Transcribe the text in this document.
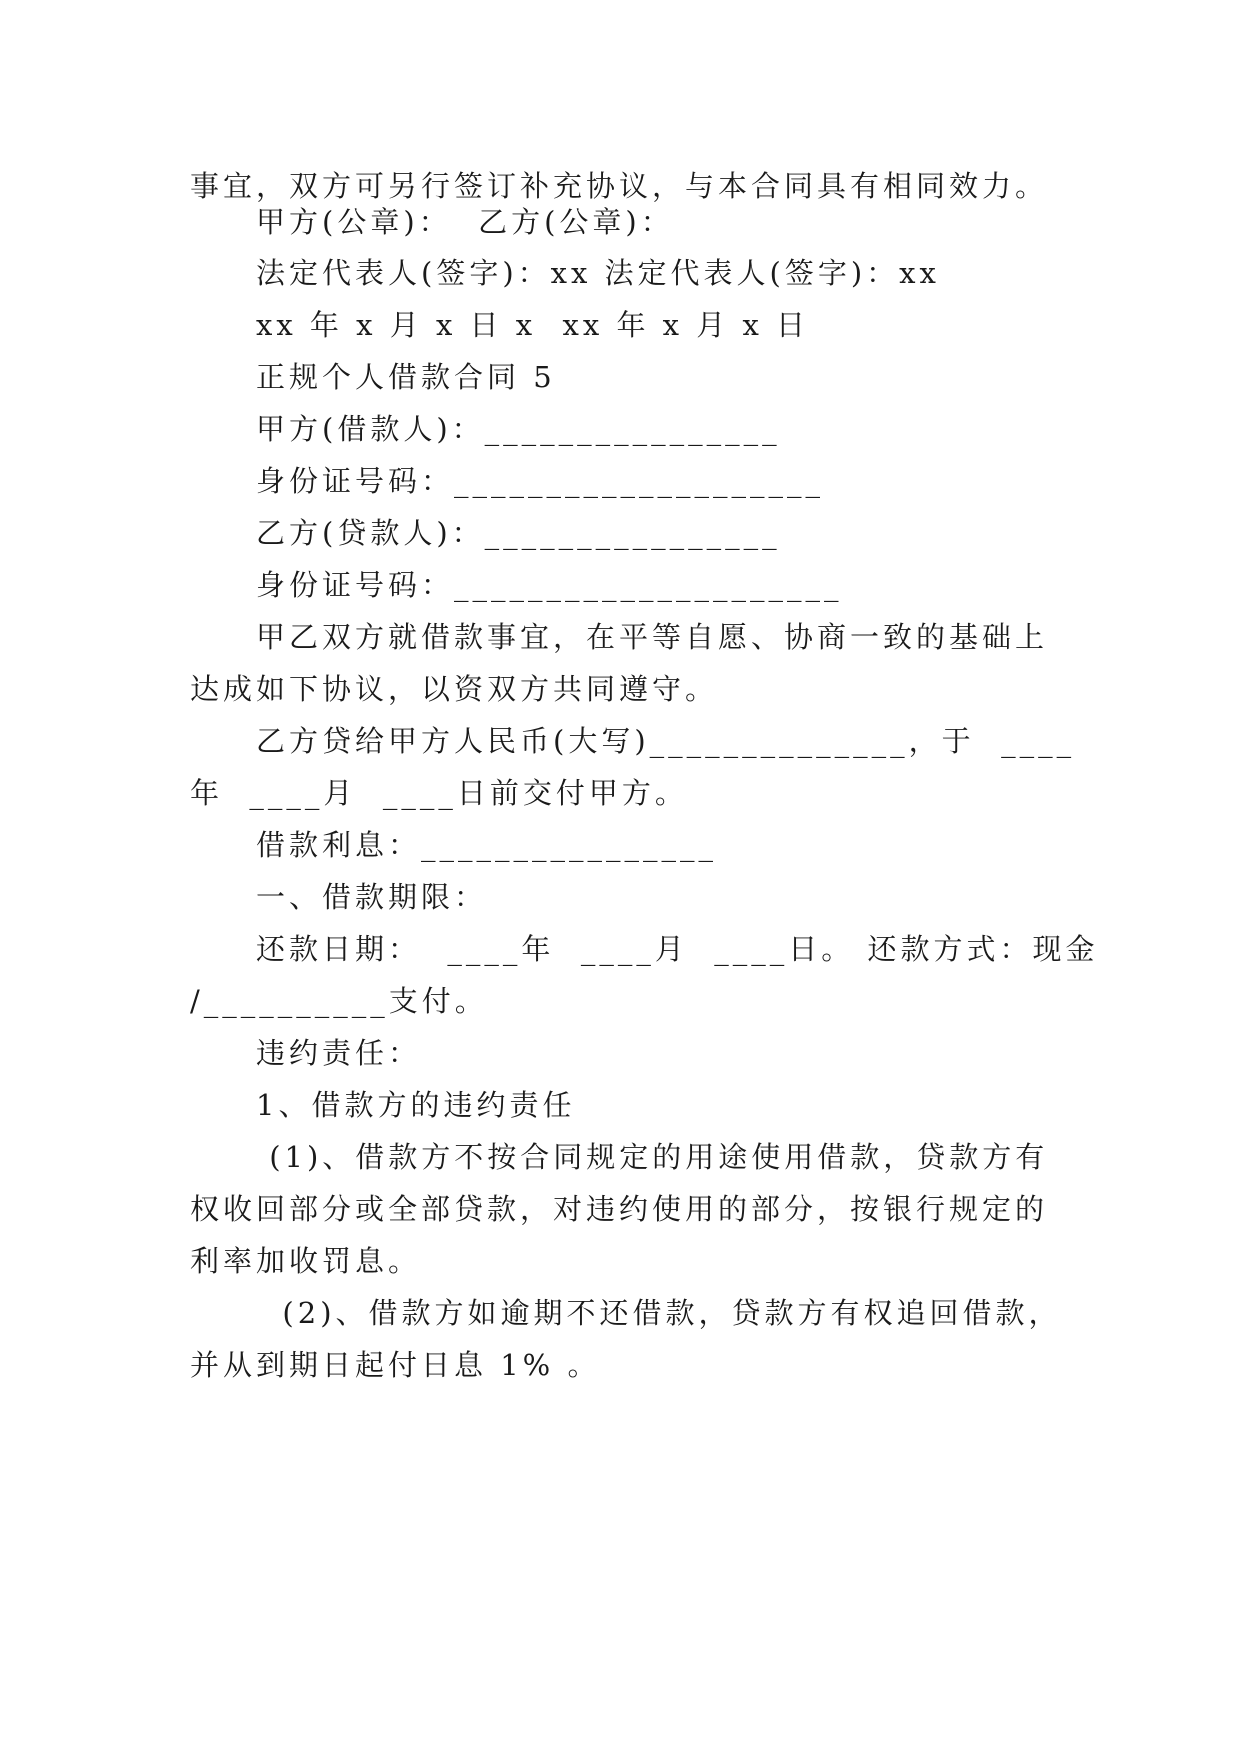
事宜，双方可另行签订补充协议，与本合同具有相同效力。
甲方(公章)：  乙方(公章)：
法定代表人(签字)：xx 法定代表人(签字)：xx
xx 年 x 月 x 日 x  xx 年 x 月 x 日
正规个人借款合同 5
甲方(借款人)：________________
身份证号码：____________________
乙方(贷款人)：________________
身份证号码：_____________________
甲乙双方就借款事宜，在平等自愿、协商一致的基础上
达成如下协议，以资双方共同遵守。
乙方贷给甲方人民币(大写)______________，于  ____
年  ____月  ____日前交付甲方。
借款利息：________________
一、借款期限：
还款日期：  ____年  ____月  ____日。 还款方式：现金
/__________支付。
违约责任：
1、借款方的违约责任
(1)、借款方不按合同规定的用途使用借款，贷款方有
权收回部分或全部贷款，对违约使用的部分，按银行规定的
利率加收罚息。
(2)、借款方如逾期不还借款，贷款方有权追回借款，
并从到期日起付日息 1% 。
